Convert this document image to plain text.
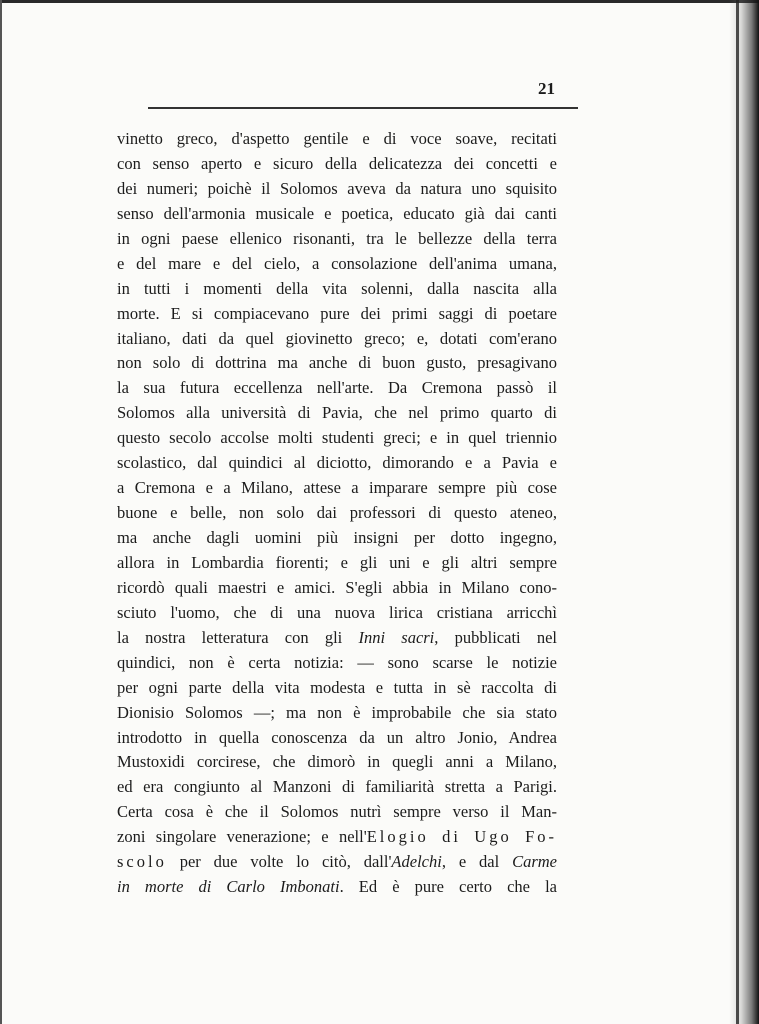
21
vinetto greco, d'aspetto gentile e di voce soave, recitati
con senso aperto e sicuro della delicatezza dei concetti e
dei numeri; poichè il Solomos aveva da natura uno squisito
senso dell'armonia musicale e poetica, educato già dai canti
in ogni paese ellenico risonanti, tra le bellezze della terra
e del mare e del cielo, a consolazione dell'anima umana,
in tutti i momenti della vita solenni, dalla nascita alla
morte. E si compiacevano pure dei primi saggi di poetare
italiano, dati da quel giovinetto greco; e, dotati com'erano
non solo di dottrina ma anche di buon gusto, presagivano
la sua futura eccellenza nell'arte. Da Cremona passò il
Solomos alla università di Pavia, che nel primo quarto di
questo secolo accolse molti studenti greci; e in quel triennio
scolastico, dal quindici al diciotto, dimorando e a Pavia e
a Cremona e a Milano, attese a imparare sempre più cose
buone e belle, non solo dai professori di questo ateneo,
ma anche dagli uomini più insigni per dotto ingegno,
allora in Lombardia fiorenti; e gli uni e gli altri sempre
ricordò quali maestri e amici. S'egli abbia in Milano cono-
sciuto l'uomo, che di una nuova lirica cristiana arricchì
la nostra letteratura con gli Inni sacri, pubblicati nel
quindici, non è certa notizia: — sono scarse le notizie
per ogni parte della vita modesta e tutta in sè raccolta di
Dionisio Solomos —; ma non è improbabile che sia stato
introdotto in quella conoscenza da un altro Jonio, Andrea
Mustoxidi corcirese, che dimorò in quegli anni a Milano,
ed era congiunto al Manzoni di familiarità stretta a Parigi.
Certa cosa è che il Solomos nutrì sempre verso il Man-
zoni singolare venerazione; e nell'Elogio di Ugo Fo-
scolo per due volte lo citò, dall'Adelchi, e dal Carme
in morte di Carlo Imbonati. Ed è pure certo che la
